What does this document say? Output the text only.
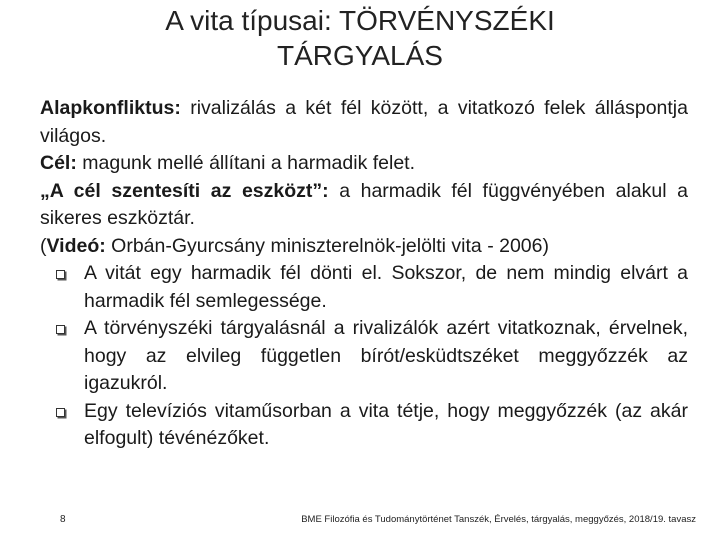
A vita típusai: TÖRVÉNYSZÉKI
TÁRGYALÁS
Alapkonfliktus: rivalizálás a két fél között, a vitatkozó felek álláspontja világos.
Cél: magunk mellé állítani a harmadik felet.
„A cél szentesíti az eszközt”: a harmadik fél függvényében alakul a sikeres eszköztár.
(Videó: Orbán-Gyurcsány miniszterelnök-jelölti vita - 2006)
A vitát egy harmadik fél dönti el. Sokszor, de nem mindig elvárt a harmadik fél semlegessége.
A törvényszéki tárgyalásnál a rivalizálók azért vitatkoznak, érvelnek, hogy az elvileg független bírót/esküdtszéket meggyőzzék az igazukról.
Egy televíziós vitaműsorban a vita tétje, hogy meggyőzzék (az akár elfogult) tévénézőket.
8	BME Filozófia és Tudománytörténet Tanszék, Érvelés, tárgyalás, meggyőzés, 2018/19. tavasz
